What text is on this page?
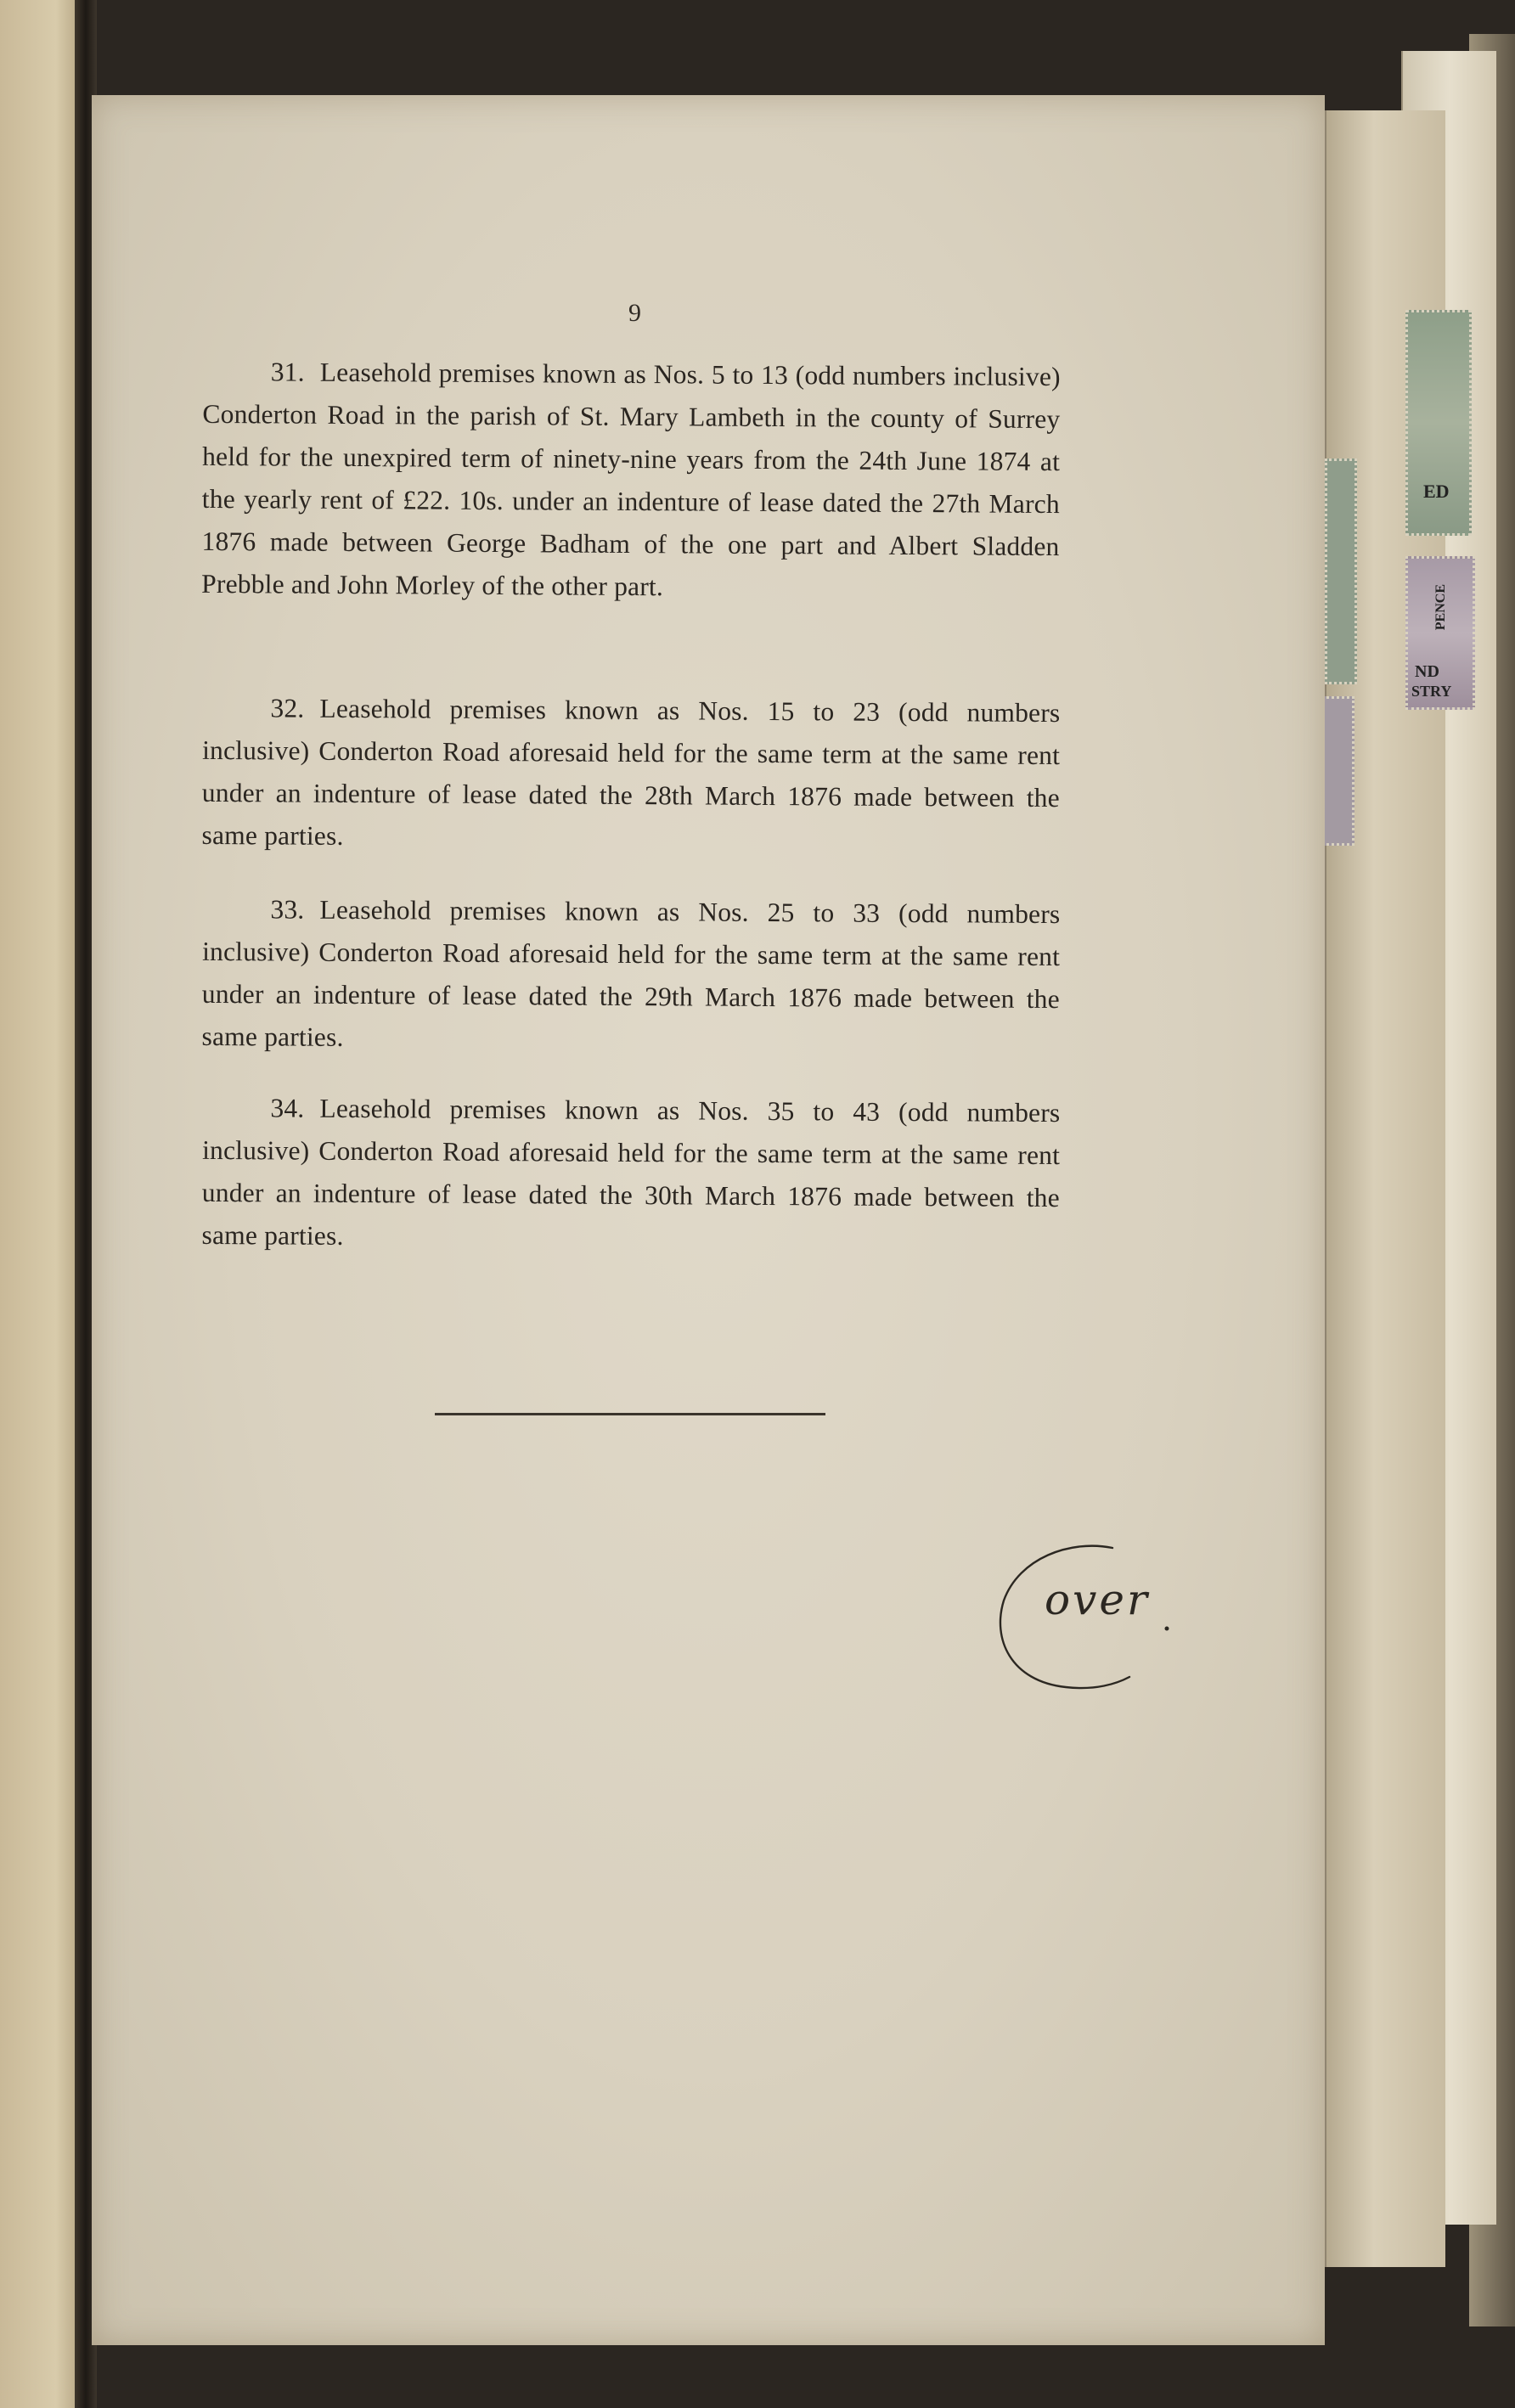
ED
PENCE
ND
STRY
9
31. Leasehold premises known as Nos. 5 to 13 (odd numbers inclusive) Conderton Road in the parish of St. Mary Lambeth in the county of Surrey held for the unexpired term of ninety-nine years from the 24th June 1874 at the yearly rent of £22. 10s. under an indenture of lease dated the 27th March 1876 made between George Badham of the one part and Albert Sladden Prebble and John Morley of the other part.
32. Leasehold premises known as Nos. 15 to 23 (odd numbers inclusive) Conderton Road aforesaid held for the same term at the same rent under an indenture of lease dated the 28th March 1876 made between the same parties.
33. Leasehold premises known as Nos. 25 to 33 (odd numbers inclusive) Conderton Road aforesaid held for the same term at the same rent under an indenture of lease dated the 29th March 1876 made between the same parties.
34. Leasehold premises known as Nos. 35 to 43 (odd numbers inclusive) Conderton Road aforesaid held for the same term at the same rent under an indenture of lease dated the 30th March 1876 made between the same parties.
over
